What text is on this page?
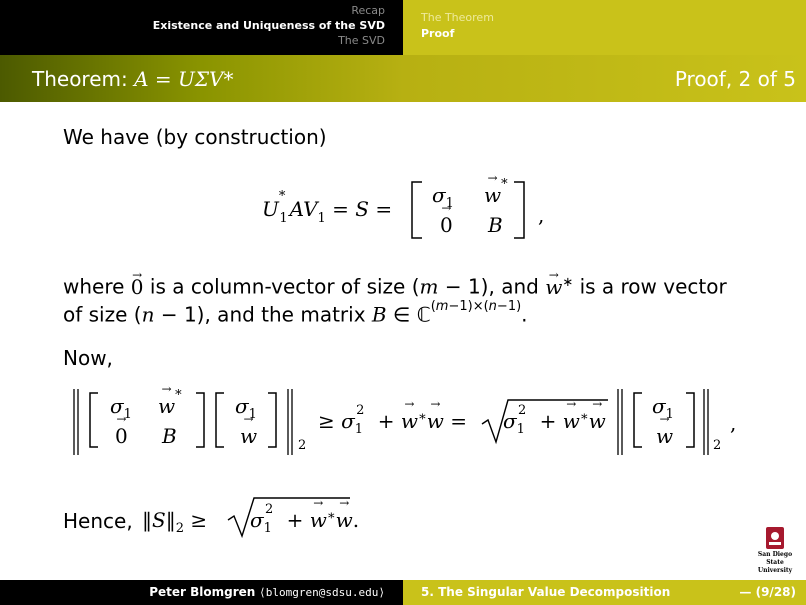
Recap
Existence and Uniqueness of the SVD
The SVD
The Theorem
Proof
Theorem: A = UΣV*	Proof, 2 of 5
We have (by construction)
$U^*_1$ $AV_1 = S$ =
$\sigma_1$
→ w*
→ 0 B ,
where → 0 is a column-vector of size (m − 1), and → w∗ is a row vector
of size (n − 1), and the matrix B ∈ ℂ$^{(m-1)\times(n-1)}$.
Now,
$\sigma_1$
→ w*
→ 0 B
$\sigma_1$
→ w	2
≥ $\sigma_1^2$ + → $w^∗\to w = \sigma_1^2$ + → w∗→ w
$\sigma_1$
→ w	2
,
Hence, $‖S‖_2 \ge \sigma_1^2$ + → w∗→ w.
San Diego State
University
Peter Blomgren ⟨blomgren@sdsu.edu⟩	5. The Singular Value Decomposition	— (9/28)
